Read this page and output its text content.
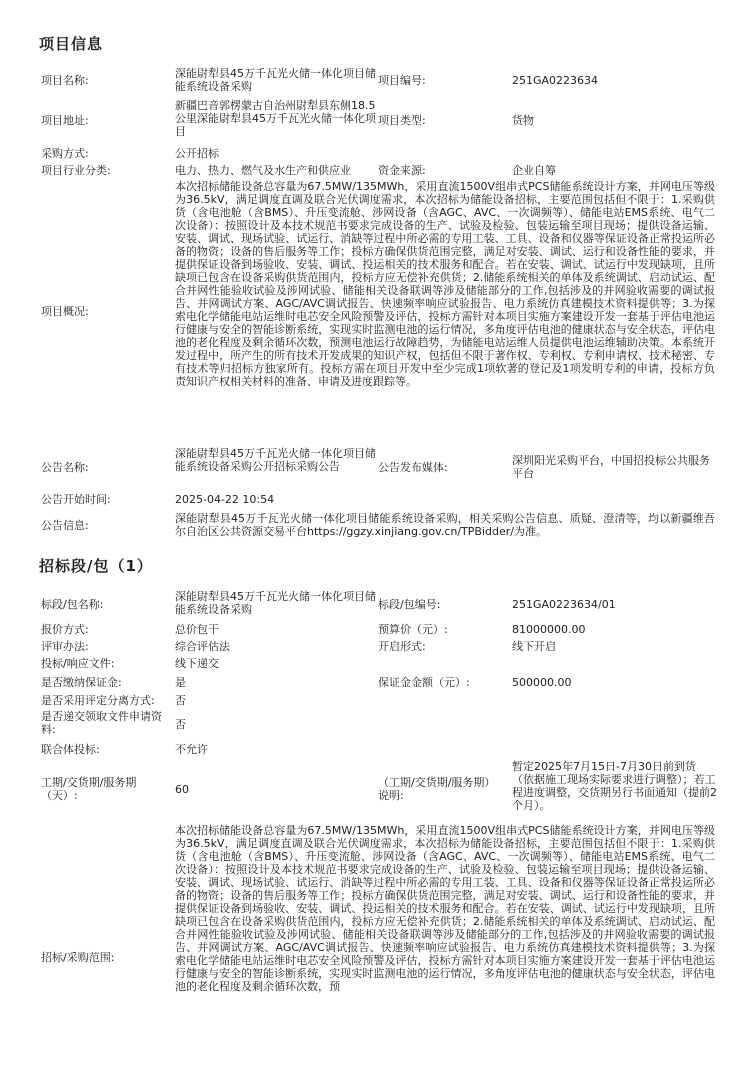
项目信息
项目名称:
深能尉犁县45万千瓦光火储一体化项目储能系统设备采购	项目编号:	251GA0223634
项目地址:
新疆巴音郭楞蒙古自治州尉犁县东侧18.5公里深能尉犁县45万千瓦光火储一体化项目
项目类型:	货物
采购方式:	公开招标
项目行业分类:	电力、热力、燃气及水生产和供应业 资金来源:	企业自筹
项目概况:
本次招标储能设备总容量为67.5MW/135MWh，采用直流1500V组串式PCS储能系统设计方案，并网电压等级为36.5kV，满足调度直调及联合光伏调度需求，本次招标为储能设备招标，主要范围包括但不限于：1.采购供货（含电池舱（含BMS）、升压变流舱、涉网设备（含AGC、AVC、一次调频等）、储能电站EMS系统、电气二次设备）：按照设计及本技术规范书要求完成设备的生产、试验及检验、包装运输至项目现场；提供设备运输、安装、调试、现场试验、试运行、消缺等过程中所必需的专用工装、工具、设备和仪器等保证设备正常投运所必备的物资；设备的售后服务等工作；投标方确保供货范围完整，满足对安装、调试、运行和设备性能的要求，并提供保证设备到场验收、安装、调试、投运相关的技术服务和配合。若在安装、调试、试运行中发现缺项，且所缺项已包含在设备采购供货范围内，投标方应无偿补充供货；2.储能系统相关的单体及系统调试、启动试运、配合并网性能验收试验及涉网试验、储能相关设备联调等涉及储能部分的工作,包括涉及的并网验收需要的调试报告、并网调试方案、AGC/AVC调试报告、快速频率响应试验报告、电力系统仿真建模技术资料提供等；3.为探索电化学储能电站运维时电芯安全风险预警及评估，投标方需针对本项目实施方案建设开发一套基于评估电池运行健康与安全的智能诊断系统，实现实时监测电池的运行情况，多角度评估电池的健康状态与安全状态，评估电池的老化程度及剩余循环次数，预测电池运行故障趋势，为储能电站运维人员提供电池运维辅助决策。本系统开发过程中，所产生的所有技术开发成果的知识产权，包括但不限于著作权、专利权、专利申请权、技术秘密、专有技术等归招标方独家所有。投标方需在项目开发中至少完成1项软著的登记及1项发明专利的申请，投标方负责知识产权相关材料的准备、申请及进度跟踪等。
公告名称:
深能尉犁县45万千瓦光火储一体化项目储能系统设备采购公开招标采购公告	公告发布媒体:
深圳阳光采购平台，中国招投标公共服务平台
公告开始时间:	2025-04-22 10:54
公告信息:
深能尉犁县45万千瓦光火储一体化项目储能系统设备采购，相关采购公告信息、质疑、澄清等，均以新疆维吾尔自治区公共资源交易平台https://ggzy.xinjiang.gov.cn/TPBidder/为准。
招标段/包（1）
标段/包名称:
深能尉犁县45万千瓦光火储一体化项目储能系统设备采购	标段/包编号:	251GA0223634/01
报价方式:	总价包干	预算价（元）:	81000000.00
评审办法:	综合评估法	开启形式:	线下开启
投标/响应文件:	线下递交
是否缴纳保证金:	是	保证金金额（元）:	500000.00
是否采用评定分离方式: 否
是否递交领取文件申请资料:	否
联合体投标:	不允许
工期/交货期/服务期（天）:	60
（工期/交货期/服务期）说明:
暂定2025年7月15日-7月30日前到货（依据施工现场实际要求进行调整）；若工程进度调整，交货期另行书面通知（提前2个月）。
招标/采购范围:
本次招标储能设备总容量为67.5MW/135MWh，采用直流1500V组串式PCS储能系统设计方案，并网电压等级为36.5kV，满足调度直调及联合光伏调度需求，本次招标为储能设备招标，主要范围包括但不限于：1.采购供货（含电池舱（含BMS）、升压变流舱、涉网设备（含AGC、AVC、一次调频等）、储能电站EMS系统、电气二次设备）：按照设计及本技术规范书要求完成设备的生产、试验及检验、包装运输至项目现场；提供设备运输、安装、调试、现场试验、试运行、消缺等过程中所必需的专用工装、工具、设备和仪器等保证设备正常投运所必备的物资；设备的售后服务等工作；投标方确保供货范围完整，满足对安装、调试、运行和设备性能的要求，并提供保证设备到场验收、安装、调试、投运相关的技术服务和配合。若在安装、调试、试运行中发现缺项，且所缺项已包含在设备采购供货范围内，投标方应无偿补充供货；2.储能系统相关的单体及系统调试、启动试运、配合并网性能验收试验及涉网试验、储能相关设备联调等涉及储能部分的工作,包括涉及的并网验收需要的调试报告、并网调试方案、AGC/AVC调试报告、快速频率响应试验报告、电力系统仿真建模技术资料提供等；3.为探索电化学储能电站运维时电芯安全风险预警及评估，投标方需针对本项目实施方案建设开发一套基于评估电池运行健康与安全的智能诊断系统，实现实时监测电池的运行情况，多角度评估电池的健康状态与安全状态，评估电池的老化程度及剩余循环次数，预
